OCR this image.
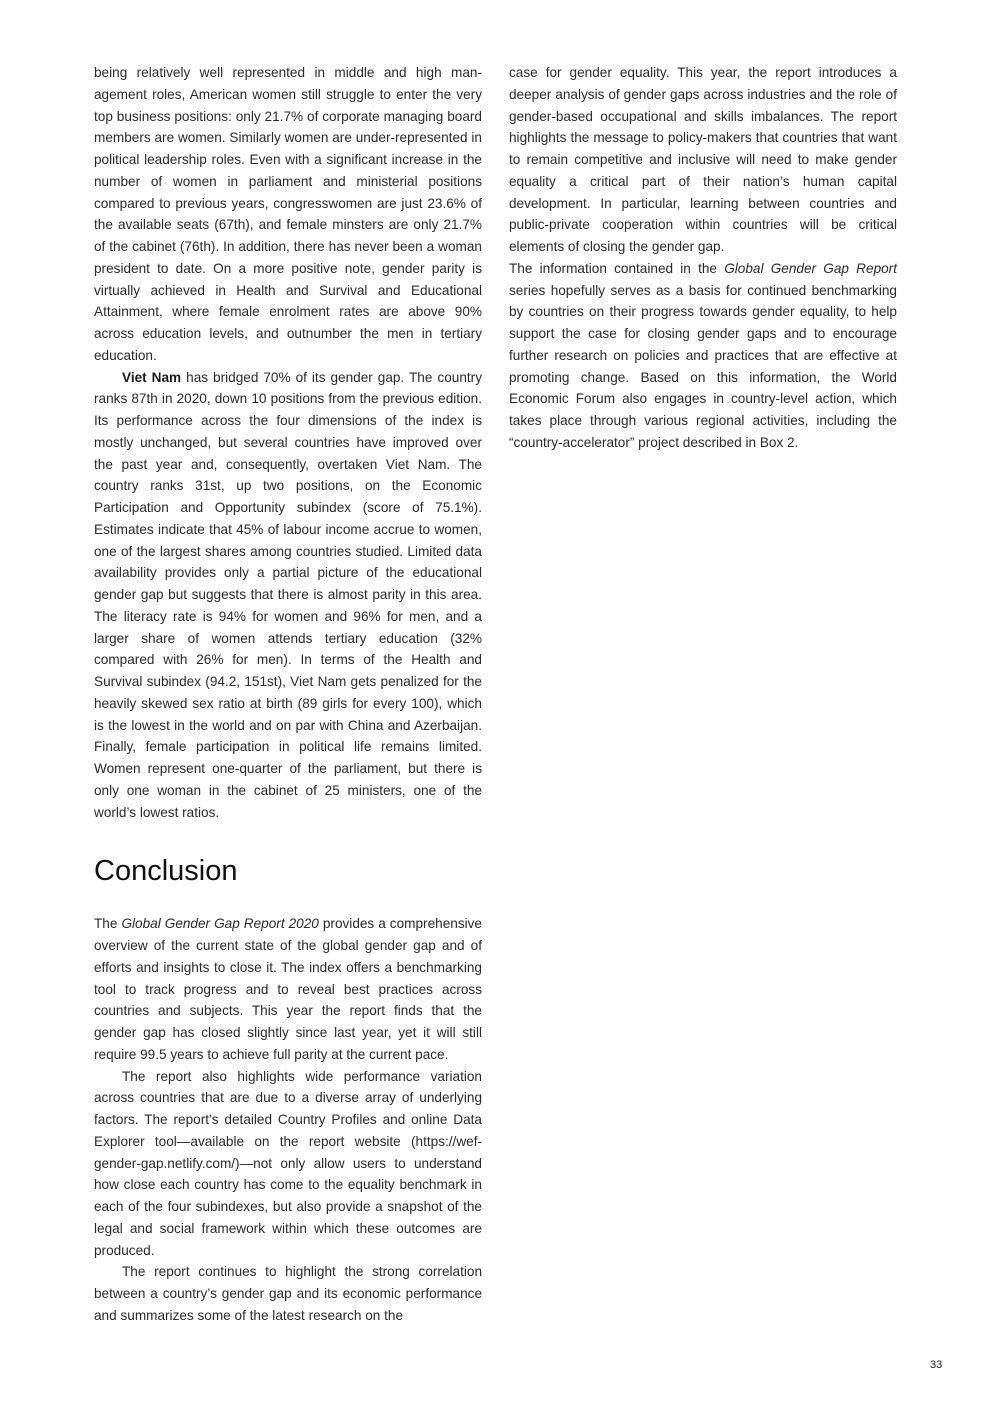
being relatively well represented in middle and high management roles, American women still struggle to enter the very top business positions: only 21.7% of corporate managing board members are women. Similarly women are under-represented in political leadership roles. Even with a significant increase in the number of women in parliament and ministerial positions compared to previous years, congresswomen are just 23.6% of the available seats (67th), and female minsters are only 21.7% of the cabinet (76th). In addition, there has never been a woman president to date. On a more positive note, gender parity is virtually achieved in Health and Survival and Educational Attainment, where female enrolment rates are above 90% across education levels, and outnumber the men in tertiary education.

Viet Nam has bridged 70% of its gender gap. The country ranks 87th in 2020, down 10 positions from the previous edition. Its performance across the four dimensions of the index is mostly unchanged, but several countries have improved over the past year and, consequently, overtaken Viet Nam. The country ranks 31st, up two positions, on the Economic Participation and Opportunity subindex (score of 75.1%). Estimates indicate that 45% of labour income accrue to women, one of the largest shares among countries studied. Limited data availability provides only a partial picture of the educational gender gap but suggests that there is almost parity in this area. The literacy rate is 94% for women and 96% for men, and a larger share of women attends tertiary education (32% compared with 26% for men). In terms of the Health and Survival subindex (94.2, 151st), Viet Nam gets penalized for the heavily skewed sex ratio at birth (89 girls for every 100), which is the lowest in the world and on par with China and Azerbaijan. Finally, female participation in political life remains limited. Women represent one-quarter of the parliament, but there is only one woman in the cabinet of 25 ministers, one of the world’s lowest ratios.

Conclusion

The Global Gender Gap Report 2020 provides a comprehensive overview of the current state of the global gender gap and of efforts and insights to close it. The index offers a benchmarking tool to track progress and to reveal best practices across countries and subjects. This year the report finds that the gender gap has closed slightly since last year, yet it will still require 99.5 years to achieve full parity at the current pace.

The report also highlights wide performance variation across countries that are due to a diverse array of underlying factors. The report’s detailed Country Profiles and online Data Explorer tool—available on the report website (https://wef-gender-gap.netlify.com/)—not only allow users to understand how close each country has come to the equality benchmark in each of the four subindexes, but also provide a snapshot of the legal and social framework within which these outcomes are produced.

The report continues to highlight the strong correlation between a country’s gender gap and its economic performance and summarizes some of the latest research on the

case for gender equality. This year, the report introduces a deeper analysis of gender gaps across industries and the role of gender-based occupational and skills imbalances. The report highlights the message to policy-makers that countries that want to remain competitive and inclusive will need to make gender equality a critical part of their nation’s human capital development. In particular, learning between countries and public-private cooperation within countries will be critical elements of closing the gender gap.

The information contained in the Global Gender Gap Report series hopefully serves as a basis for continued benchmarking by countries on their progress towards gender equality, to help support the case for closing gender gaps and to encourage further research on policies and practices that are effective at promoting change. Based on this information, the World Economic Forum also engages in country-level action, which takes place through various regional activities, including the “country-accelerator” project described in Box 2.

33
